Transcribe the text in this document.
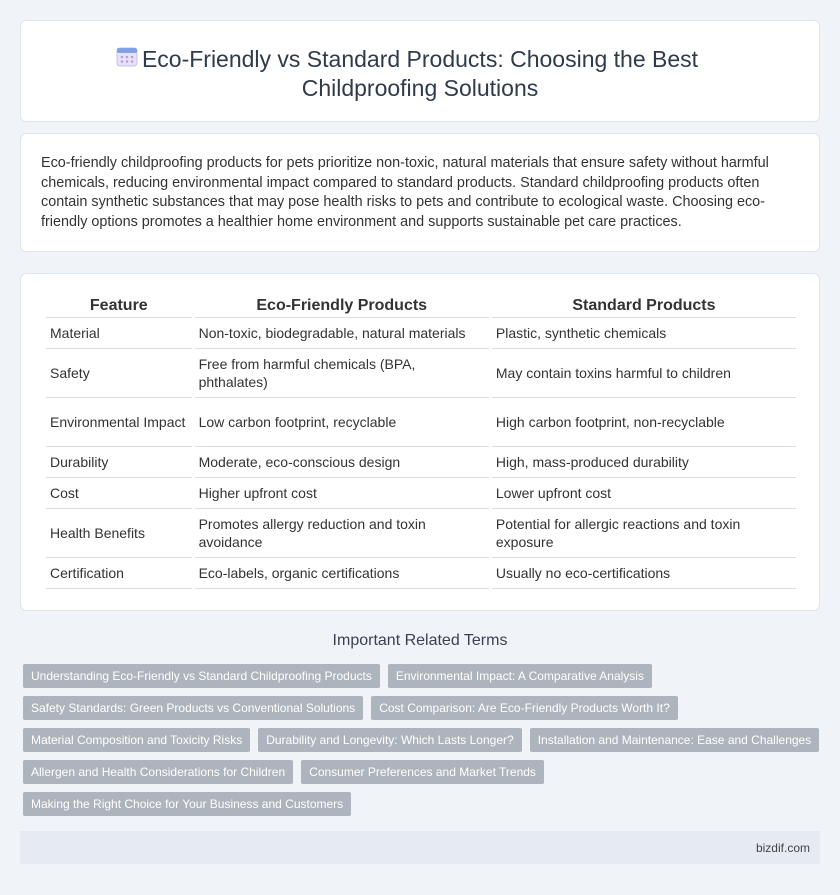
Eco-Friendly vs Standard Products: Choosing the Best
Childproofing Solutions

Eco-friendly childproofing products for pets prioritize non-toxic, natural materials that ensure safety without harmful chemicals, reducing environmental impact compared to standard products. Standard childproofing products often contain synthetic substances that may pose health risks to pets and contribute to ecological waste. Choosing eco-friendly options promotes a healthier home environment and supports sustainable pet care practices.

Feature	Eco-Friendly Products	Standard Products
Material	Non-toxic, biodegradable, natural materials	Plastic, synthetic chemicals
Safety	Free from harmful chemicals (BPA, phthalates)	May contain toxins harmful to children
Environmental Impact	Low carbon footprint, recyclable	High carbon footprint, non-recyclable
Durability	Moderate, eco-conscious design	High, mass-produced durability
Cost	Higher upfront cost	Lower upfront cost
Health Benefits	Promotes allergy reduction and toxin avoidance	Potential for allergic reactions and toxin exposure
Certification	Eco-labels, organic certifications	Usually no eco-certifications
Important Related Terms
Understanding Eco-Friendly vs Standard Childproofing Products	Environmental Impact: A Comparative Analysis
Safety Standards: Green Products vs Conventional Solutions	Cost Comparison: Are Eco-Friendly Products Worth It?
Material Composition and Toxicity Risks	Durability and Longevity: Which Lasts Longer?	Installation and Maintenance: Ease and Challenges
Allergen and Health Considerations for Children	Consumer Preferences and Market Trends
Making the Right Choice for Your Business and Customers
bizdif.com
